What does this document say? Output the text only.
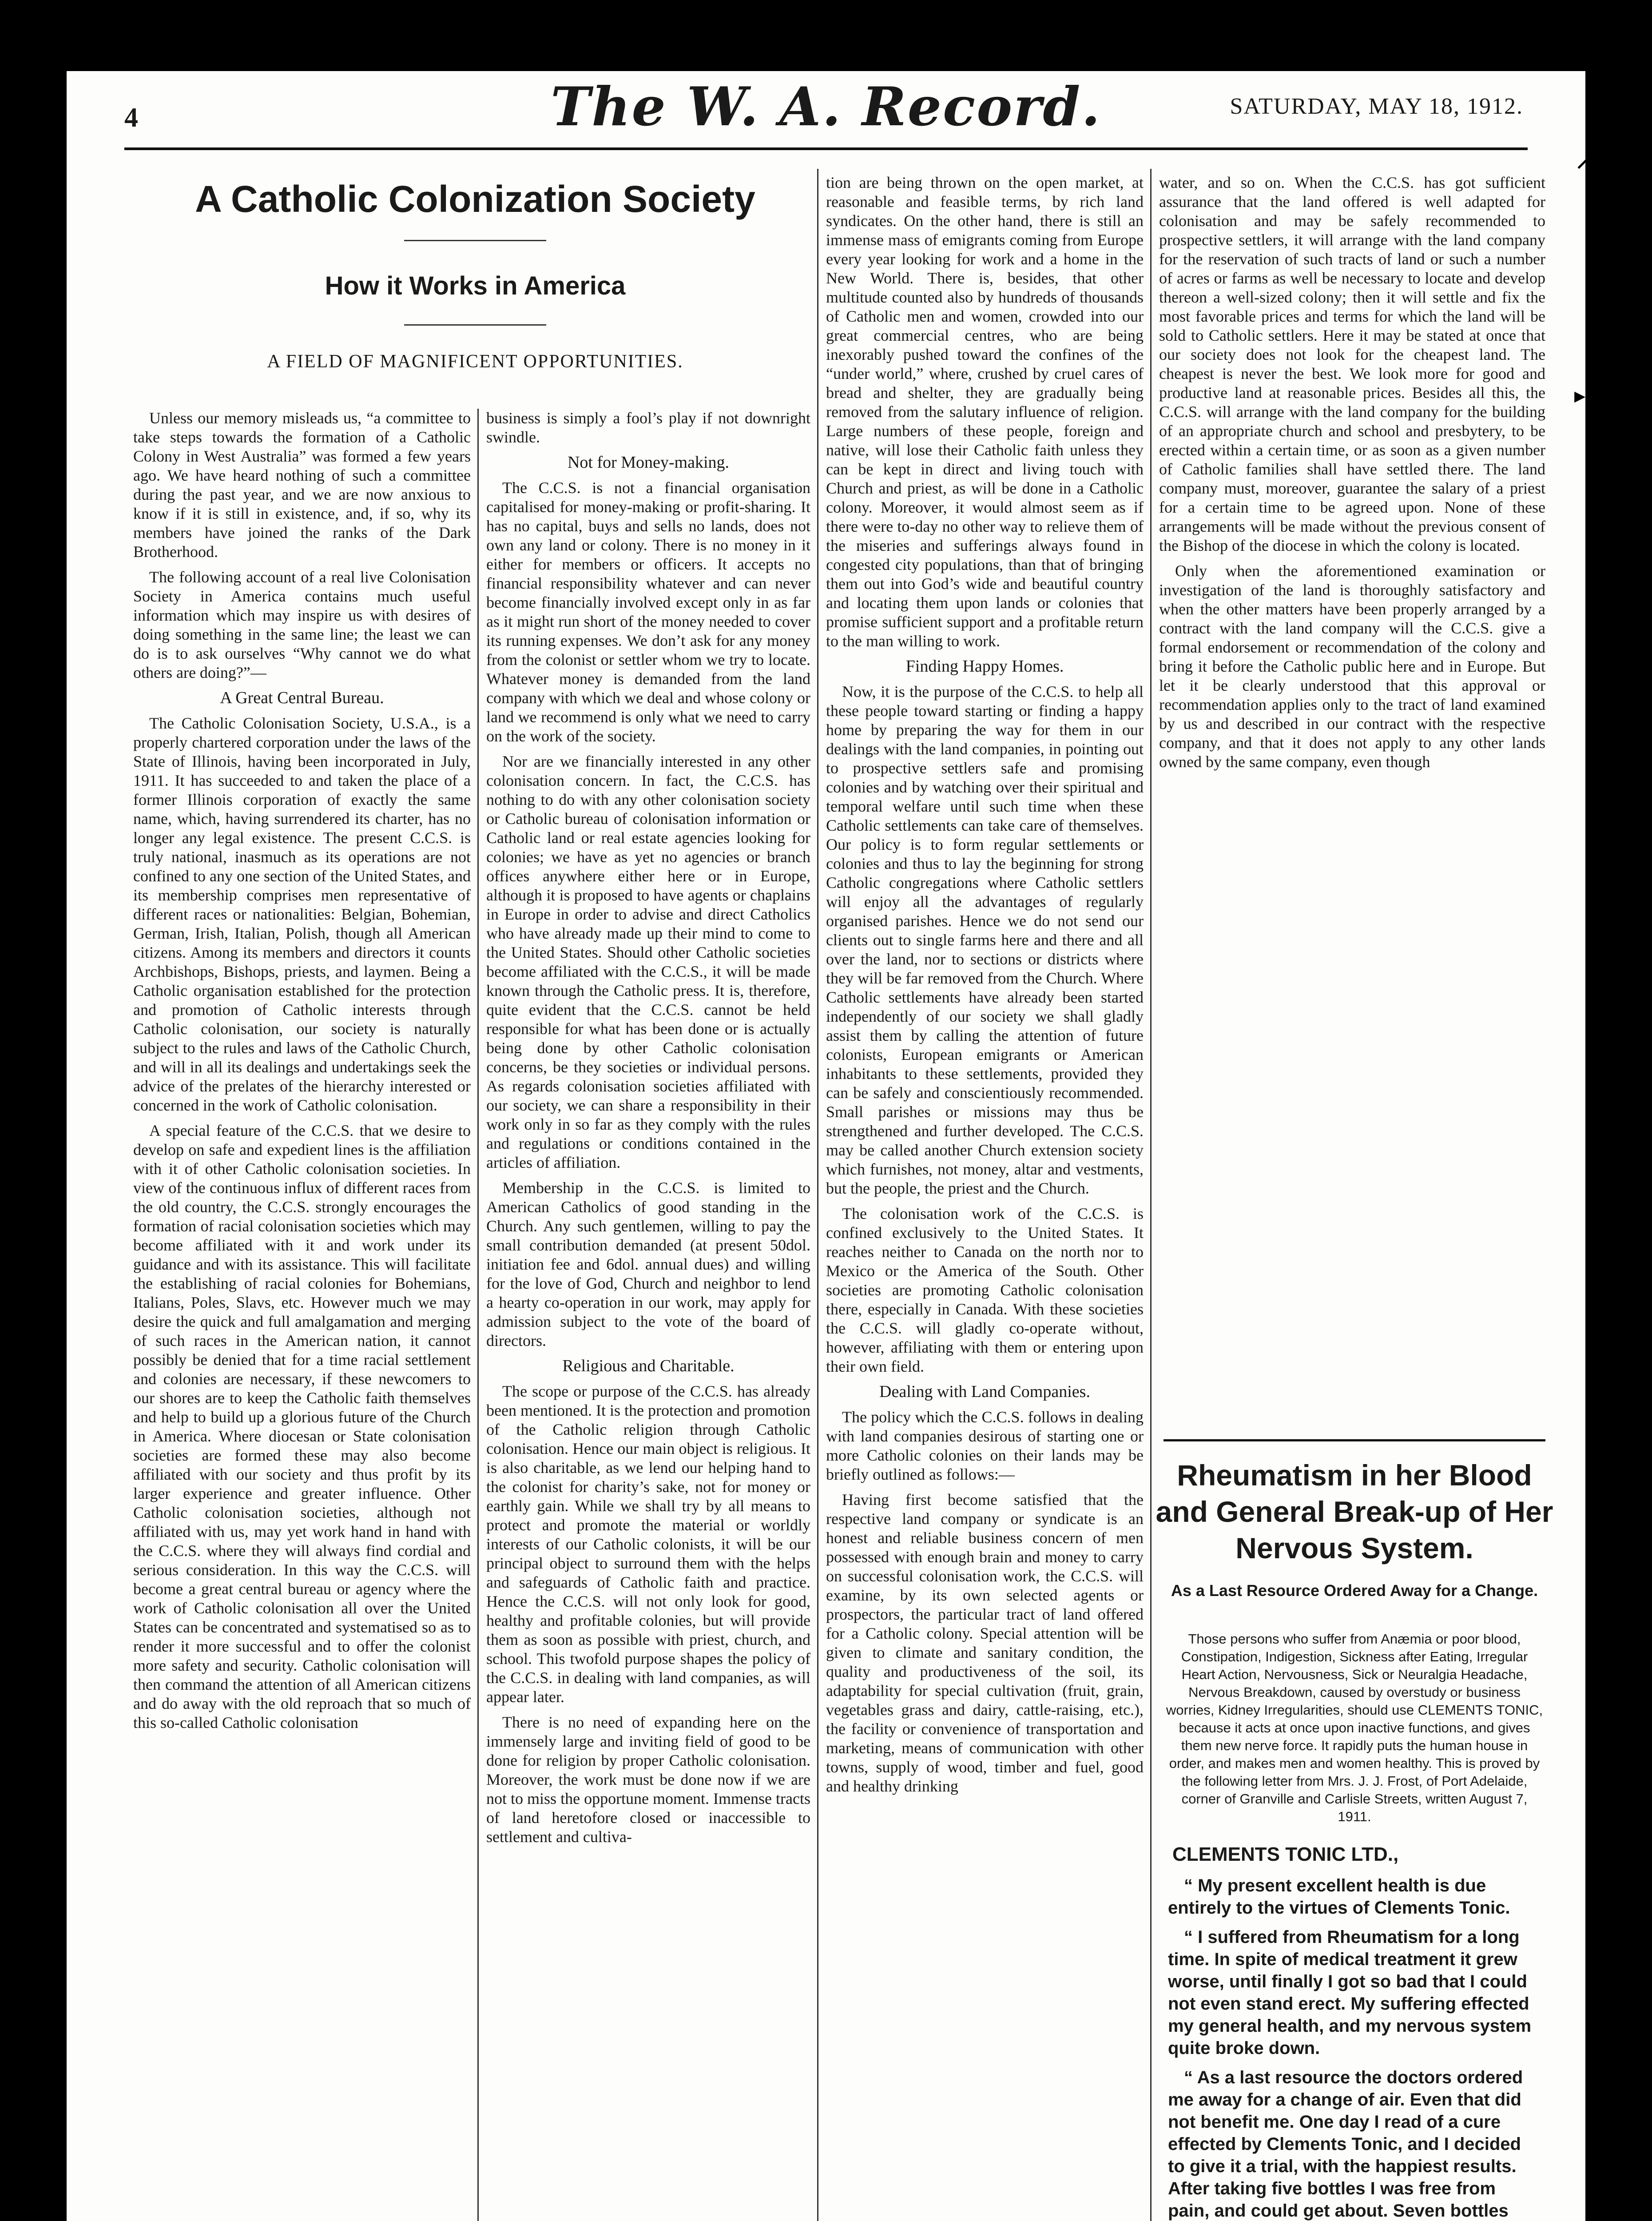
4	The W. A. Record.	SATURDAY, MAY 18, 1912.
A Catholic Colonization Society
How it Works in America
A FIELD OF MAGNIFICENT OPPORTUNITIES.

Unless our memory misleads us, “a committee to take steps towards the formation of a Catholic Colony in West Australia” was formed a few years ago. We have heard nothing of such a committee during the past year, and we are now anxious to know if it is still in existence, and, if so, why its members have joined the ranks of the Dark Brotherhood.

The following account of a real live Colonisation Society in America contains much useful information which may inspire us with desires of doing something in the same line; the least we can do is to ask ourselves “Why cannot we do what others are doing?”—

A Great Central Bureau.

The Catholic Colonisation Society, U.S.A., is a properly chartered corporation under the laws of the State of Illinois, having been incorporated in July, 1911. It has succeeded to and taken the place of a former Illinois corporation of exactly the same name, which, having surrendered its charter, has no longer any legal existence. The present C.C.S. is truly national, inasmuch as its operations are not confined to any one section of the United States, and its membership comprises men representative of different races or nationalities: Belgian, Bohemian, German, Irish, Italian, Polish, though all American citizens. Among its members and directors it counts Archbishops, Bishops, priests, and laymen. Being a Catholic organisation established for the protection and promotion of Catholic interests through Catholic colonisation, our society is naturally subject to the rules and laws of the Catholic Church, and will in all its dealings and undertakings seek the advice of the prelates of the hierarchy interested or concerned in the work of Catholic colonisation.

A special feature of the C.C.S. that we desire to develop on safe and expedient lines is the affiliation with it of other Catholic colonisation societies. In view of the continuous influx of different races from the old country, the C.C.S. strongly encourages the formation of racial colonisation societies which may become affiliated with it and work under its guidance and with its assistance. This will facilitate the establishing of racial colonies for Bohemians, Italians, Poles, Slavs, etc. However much we may desire the quick and full amalgamation and merging of such races in the American nation, it cannot possibly be denied that for a time racial settlement and colonies are necessary, if these newcomers to our shores are to keep the Catholic faith themselves and help to build up a glorious future of the Church in America. Where diocesan or State colonisation societies are formed these may also become affiliated with our society and thus profit by its larger experience and greater influence. Other Catholic colonisation societies, although not affiliated with us, may yet work hand in hand with the C.C.S. where they will always find cordial and serious consideration. In this way the C.C.S. will become a great central bureau or agency where the work of Catholic colonisation all over the United States can be concentrated and systematised so as to render it more successful and to offer the colonist more safety and security. Catholic colonisation will then command the attention of all American citizens and do away with the old reproach that so much of this so-called Catholic colonisation

business is simply a fool’s play if not downright swindle.

Not for Money-making.

The C.C.S. is not a financial organisation capitalised for money-making or profit-sharing. It has no capital, buys and sells no lands, does not own any land or colony. There is no money in it either for members or officers. It accepts no financial responsibility whatever and can never become financially involved except only in as far as it might run short of the money needed to cover its running expenses. We don’t ask for any money from the colonist or settler whom we try to locate. Whatever money is demanded from the land company with which we deal and whose colony or land we recommend is only what we need to carry on the work of the society.

Nor are we financially interested in any other colonisation concern. In fact, the C.C.S. has nothing to do with any other colonisation society or Catholic bureau of colonisation information or Catholic land or real estate agencies looking for colonies; we have as yet no agencies or branch offices anywhere either here or in Europe, although it is proposed to have agents or chaplains in Europe in order to advise and direct Catholics who have already made up their mind to come to the United States. Should other Catholic societies become affiliated with the C.C.S., it will be made known through the Catholic press. It is, therefore, quite evident that the C.C.S. cannot be held responsible for what has been done or is actually being done by other Catholic colonisation concerns, be they societies or individual persons. As regards colonisation societies affiliated with our society, we can share a responsibility in their work only in so far as they comply with the rules and regulations or conditions contained in the articles of affiliation.

Membership in the C.C.S. is limited to American Catholics of good standing in the Church. Any such gentlemen, willing to pay the small contribution demanded (at present 50dol. initiation fee and 6dol. annual dues) and willing for the love of God, Church and neighbor to lend a hearty co-operation in our work, may apply for admission subject to the vote of the board of directors.

Religious and Charitable.

The scope or purpose of the C.C.S. has already been mentioned. It is the protection and promotion of the Catholic religion through Catholic colonisation. Hence our main object is religious. It is also charitable, as we lend our helping hand to the colonist for charity’s sake, not for money or earthly gain. While we shall try by all means to protect and promote the material or worldly interests of our Catholic colonists, it will be our principal object to surround them with the helps and safeguards of Catholic faith and practice. Hence the C.C.S. will not only look for good, healthy and profitable colonies, but will provide them as soon as possible with priest, church, and school. This twofold purpose shapes the policy of the C.C.S. in dealing with land companies, as will appear later.

There is no need of expanding here on the immensely large and inviting field of good to be done for religion by proper Catholic colonisation. Moreover, the work must be done now if we are not to miss the opportune moment. Immense tracts of land heretofore closed or inaccessible to settlement and cultiva-

tion are being thrown on the open market, at reasonable and feasible terms, by rich land syndicates. On the other hand, there is still an immense mass of emigrants coming from Europe every year looking for work and a home in the New World. There is, besides, that other multitude counted also by hundreds of thousands of Catholic men and women, crowded into our great commercial centres, who are being inexorably pushed toward the confines of the “under world,” where, crushed by cruel cares of bread and shelter, they are gradually being removed from the salutary influence of religion. Large numbers of these people, foreign and native, will lose their Catholic faith unless they can be kept in direct and living touch with Church and priest, as will be done in a Catholic colony. Moreover, it would almost seem as if there were to-day no other way to relieve them of the miseries and sufferings always found in congested city populations, than that of bringing them out into God’s wide and beautiful country and locating them upon lands or colonies that promise sufficient support and a profitable return to the man willing to work.

Finding Happy Homes.

Now, it is the purpose of the C.C.S. to help all these people toward starting or finding a happy home by preparing the way for them in our dealings with the land companies, in pointing out to prospective settlers safe and promising colonies and by watching over their spiritual and temporal welfare until such time when these Catholic settlements can take care of themselves. Our policy is to form regular settlements or colonies and thus to lay the beginning for strong Catholic congregations where Catholic settlers will enjoy all the advantages of regularly organised parishes. Hence we do not send our clients out to single farms here and there and all over the land, nor to sections or districts where they will be far removed from the Church. Where Catholic settlements have already been started independently of our society we shall gladly assist them by calling the attention of future colonists, European emigrants or American inhabitants to these settlements, provided they can be safely and conscientiously recommended. Small parishes or missions may thus be strengthened and further developed. The C.C.S. may be called another Church extension society which furnishes, not money, altar and vestments, but the people, the priest and the Church.

The colonisation work of the C.C.S. is confined exclusively to the United States. It reaches neither to Canada on the north nor to Mexico or the America of the South. Other societies are promoting Catholic colonisation there, especially in Canada. With these societies the C.C.S. will gladly co-operate without, however, affiliating with them or entering upon their own field.

Dealing with Land Companies.

The policy which the C.C.S. follows in dealing with land companies desirous of starting one or more Catholic colonies on their lands may be briefly outlined as follows:—

Having first become satisfied that the respective land company or syndicate is an honest and reliable business concern of men possessed with enough brain and money to carry on successful colonisation work, the C.C.S. will examine, by its own selected agents or prospectors, the particular tract of land offered for a Catholic colony. Special attention will be given to climate and sanitary condition, the quality and productiveness of the soil, its adaptability for special cultivation (fruit, grain, vegetables grass and dairy, cattle-raising, etc.), the facility or convenience of transportation and marketing, means of communication with other towns, supply of wood, timber and fuel, good and healthy drinking

water, and so on. When the C.C.S. has got sufficient assurance that the land offered is well adapted for colonisation and may be safely recommended to prospective settlers, it will arrange with the land company for the reservation of such tracts of land or such a number of acres or farms as well be necessary to locate and develop thereon a well-sized colony; then it will settle and fix the most favorable prices and terms for which the land will be sold to Catholic settlers. Here it may be stated at once that our society does not look for the cheapest land. The cheapest is never the best. We look more for good and productive land at reasonable prices. Besides all this, the C.C.S. will arrange with the land company for the building of an appropriate church and school and presbytery, to be erected within a certain time, or as soon as a given number of Catholic families shall have settled there. The land company must, moreover, guarantee the salary of a priest for a certain time to be agreed upon. None of these arrangements will be made without the previous consent of the Bishop of the diocese in which the colony is located.

Only when the aforementioned examination or investigation of the land is thoroughly satisfactory and when the other matters have been properly arranged by a contract with the land company will the C.C.S. give a formal endorsement or recommendation of the colony and bring it before the Catholic public here and in Europe. But let it be clearly understood that this approval or recommendation applies only to the tract of land examined by us and described in our contract with the respective company, and that it does not apply to any other lands owned by the same company, even though

Rheumatism in her Blood and General Break-up of Her Nervous System.
As a Last Resource Ordered Away for a Change.
Those persons who suffer from Anæmia or poor blood, Constipation, Indigestion, Sickness after Eating, Irregular Heart Action, Nervousness, Sick or Neuralgia Headache, Nervous Breakdown, caused by overstudy or business worries, Kidney Irregularities, should use CLEMENTS TONIC, because it acts at once upon inactive functions, and gives them new nerve force. It rapidly puts the human house in order, and makes men and women healthy. This is proved by the following letter from Mrs. J. J. Frost, of Port Adelaide, corner of Granville and Carlisle Streets, written August 7, 1911.
CLEMENTS TONIC LTD.,

“ My present excellent health is due entirely to the virtues of Clements Tonic.

“ I suffered from Rheumatism for a long time. In spite of medical treatment it grew worse, until finally I got so bad that I could not even stand erect. My suffering effected my general health, and my nervous system quite broke down.

“ As a last resource the doctors ordered me away for a change of air. Even that did not benefit me. One day I read of a cure effected by Clements Tonic, and I decided to give it a trial, with the happiest results. After taking five bottles I was free from pain, and could get about. Seven bottles

⸝
▸
